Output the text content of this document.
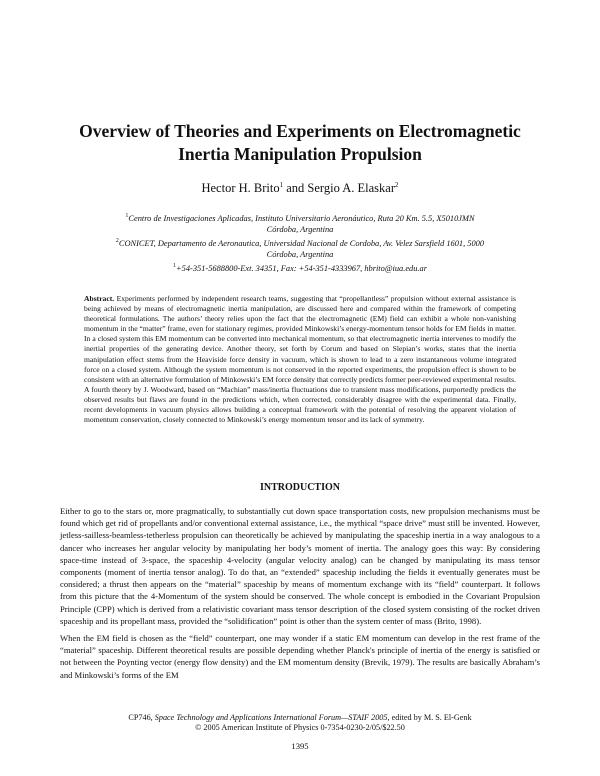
Overview of Theories and Experiments on Electromagnetic
Inertia Manipulation Propulsion
Hector H. Brito$^1$ and Sergio A. Elaskar$^2$
$^1$Centro de Investigaciones Aplicadas, Instituto Universitario Aeronáutico, Ruta 20 Km. 5.5, X5010JMN
Córdoba, Argentina
$^2$CONICET, Departamento de Aeronautica, Universidad Nacional de Cordoba, Av. Velez Sarsfield 1601, 5000
Córdoba, Argentina
$^1$+54-351-5688800-Ext. 34351, Fax: +54-351-4333967, hbrito@iua.edu.ar

Abstract. Experiments performed by independent research teams, suggesting that “propellantless” propulsion without external assistance is being achieved by means of electromagnetic inertia manipulation, are discussed here and compared within the framework of competing theoretical formulations. The authors’ theory relies upon the fact that the electromagnetic (EM) field can exhibit a whole non-vanishing momentum in the “matter” frame, even for stationary regimes, provided Minkowski’s energy-momentum tensor holds for EM fields in matter. In a closed system this EM momentum can be converted into mechanical momentum, so that electromagnetic inertia intervenes to modify the inertial properties of the generating device. Another theory, set forth by Corum and based on Slepian’s works, states that the inertia manipulation effect stems from the Heaviside force density in vacuum, which is shown to lead to a zero instantaneous volume integrated force on a closed system. Although the system momentum is not conserved in the reported experiments, the propulsion effect is shown to be consistent with an alternative formulation of Minkowski’s EM force density that correctly predicts former peer-reviewed experimental results. A fourth theory by J. Woodward, based on “Machian” mass/inertia fluctuations due to transient mass modifications, purportedly predicts the observed results but flaws are found in the predictions which, when corrected, considerably disagree with the experimental data. Finally, recent developments in vacuum physics allows building a conceptual framework with the potential of resolving the apparent violation of momentum conservation, closely connected to Minkowski’s energy momentum tensor and its lack of symmetry.

INTRODUCTION

Either to go to the stars or, more pragmatically, to substantially cut down space transportation costs, new propulsion mechanisms must be found which get rid of propellants and/or conventional external assistance, i.e., the mythical “space drive” must still be invented. However, jetless-sailless-beamless-tetherless propulsion can theoretically be achieved by manipulating the spaceship inertia in a way analogous to a dancer who increases her angular velocity by manipulating her body’s moment of inertia. The analogy goes this way: By considering space-time instead of 3-space, the spaceship 4-velocity (angular velocity analog) can be changed by manipulating its mass tensor components (moment of inertia tensor analog). To do that, an “extended” spaceship including the fields it eventually generates must be considered; a thrust then appears on the “material” spaceship by means of momentum exchange with its “field” counterpart. It follows from this picture that the 4-Momentum of the system should be conserved. The whole concept is embodied in the Covariant Propulsion Principle (CPP) which is derived from a relativistic covariant mass tensor description of the closed system consisting of the rocket driven spaceship and its propellant mass, provided the “solidification” point is other than the system center of mass (Brito, 1998).

When the EM field is chosen as the “field” counterpart, one may wonder if a static EM momentum can develop in the rest frame of the “material” spaceship. Different theoretical results are possible depending whether Planck's principle of inertia of the energy is satisfied or not between the Poynting vector (energy flow density) and the EM momentum density (Brevik, 1979). The results are basically Abraham’s and Minkowski’s forms of the EM

CP746, Space Technology and Applications International Forum—STAIF 2005, edited by M. S. El-Genk
© 2005 American Institute of Physics 0-7354-0230-2/05/$22.50
1395
